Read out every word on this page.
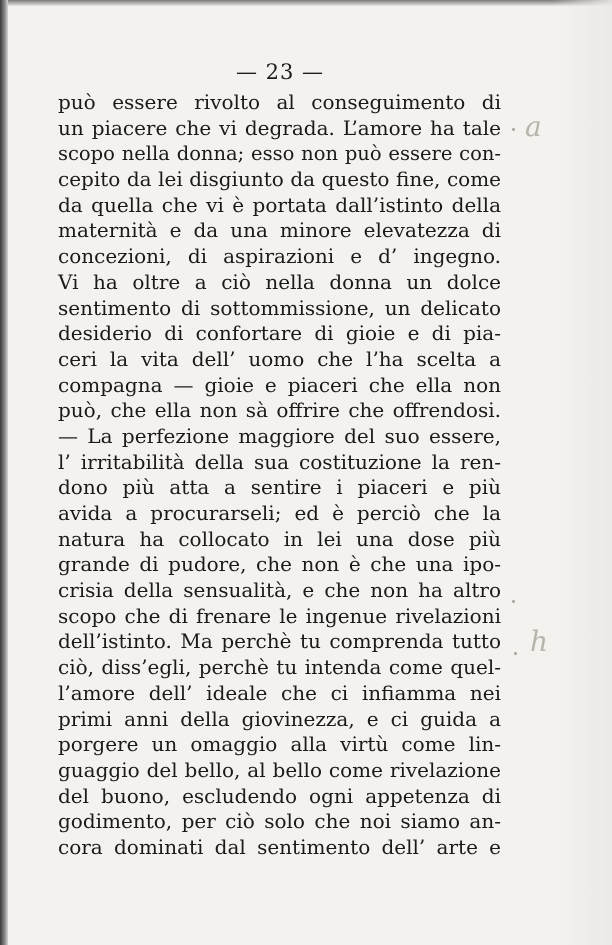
— 23 —
può essere rivolto al conseguimento di
un piacere che vi degrada. L’amore ha tale
scopo nella donna; esso non può essere con-
cepito da lei disgiunto da questo fine, come
da quella che vi è portata dall’istinto della
maternità e da una minore elevatezza di
concezioni, di aspirazioni e d’ ingegno.
Vi ha oltre a ciò nella donna un dolce
sentimento di sottommissione, un delicato
desiderio di confortare di gioie e di pia-
ceri la vita dell’ uomo che l’ha scelta a
compagna — gioie e piaceri che ella non
può, che ella non sà offrire che offrendosi.
— La perfezione maggiore del suo essere,
l’ irritabilità della sua costituzione la ren-
dono più atta a sentire i piaceri e più
avida a procurarseli; ed è perciò che la
natura ha collocato in lei una dose più
grande di pudore, che non è che una ipo-
crisia della sensualità, e che non ha altro
scopo che di frenare le ingenue rivelazioni
dell’istinto. Ma perchè tu comprenda tutto
ciò, diss’egli, perchè tu intenda come quel-
l’amore dell’ ideale che ci infiamma nei
primi anni della giovinezza, e ci guida a
porgere un omaggio alla virtù come lin-
guaggio del bello, al bello come rivelazione
del buono, escludendo ogni appetenza di
godimento, per ciò solo che noi siamo an-
cora dominati dal sentimento dell’ arte e
a
h
